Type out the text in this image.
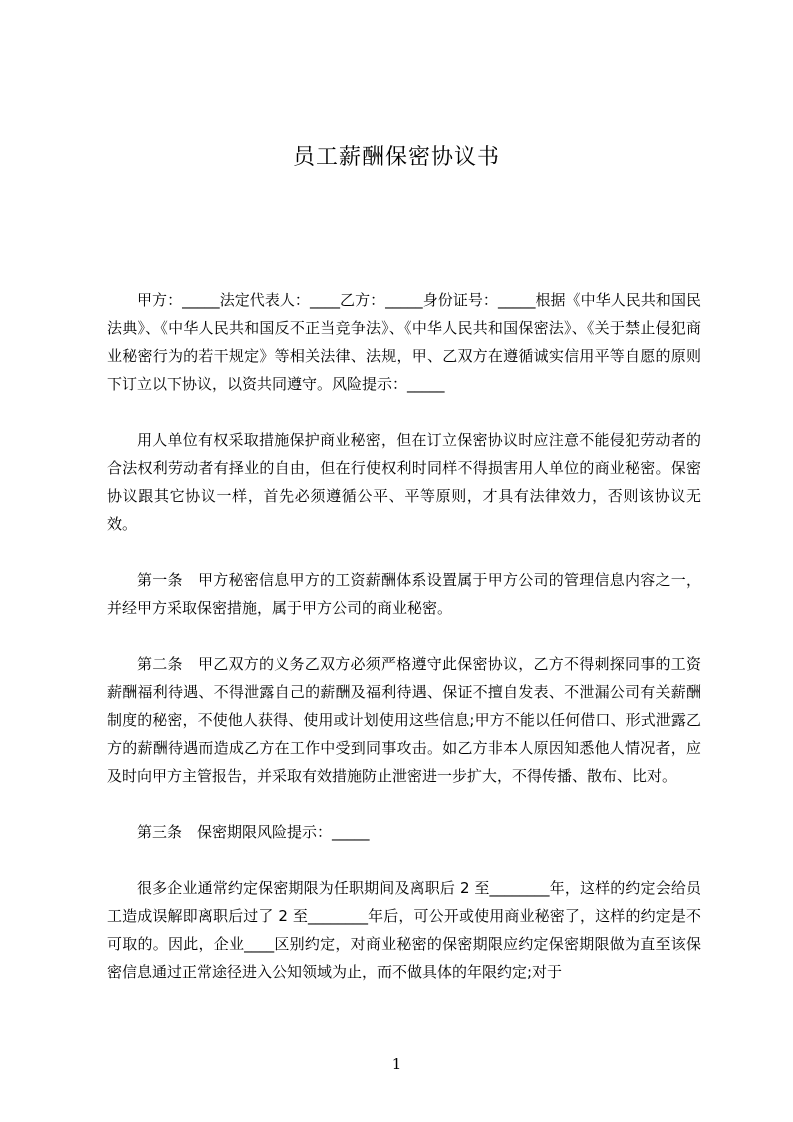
员工薪酬保密协议书

甲方：_____法定代表人：____乙方：_____身份证号：_____根据《中华人民共和国民法典》、《中华人民共和国反不正当竞争法》、《中华人民共和国保密法》、《关于禁止侵犯商业秘密行为的若干规定》等相关法律、法规，甲、乙双方在遵循诚实信用平等自愿的原则下订立以下协议，以资共同遵守。风险提示：_____

用人单位有权采取措施保护商业秘密，但在订立保密协议时应注意不能侵犯劳动者的合法权利劳动者有择业的自由，但在行使权利时同样不得损害用人单位的商业秘密。保密协议跟其它协议一样，首先必须遵循公平、平等原则，才具有法律效力，否则该协议无效。

第一条　甲方秘密信息甲方的工资薪酬体系设置属于甲方公司的管理信息内容之一，并经甲方采取保密措施，属于甲方公司的商业秘密。

第二条　甲乙双方的义务乙双方必须严格遵守此保密协议，乙方不得刺探同事的工资薪酬福利待遇、不得泄露自己的薪酬及福利待遇、保证不擅自发表、不泄漏公司有关薪酬制度的秘密，不使他人获得、使用或计划使用这些信息;甲方不能以任何借口、形式泄露乙方的薪酬待遇而造成乙方在工作中受到同事攻击。如乙方非本人原因知悉他人情况者，应及时向甲方主管报告，并采取有效措施防止泄密进一步扩大，不得传播、散布、比对。

第三条　保密期限风险提示：_____

很多企业通常约定保密期限为任职期间及离职后 2 至________年，这样的约定会给员工造成误解即离职后过了 2 至________年后，可公开或使用商业秘密了，这样的约定是不可取的。因此，企业____区别约定，对商业秘密的保密期限应约定保密期限做为直至该保密信息通过正常途径进入公知领域为止，而不做具体的年限约定;对于

1
